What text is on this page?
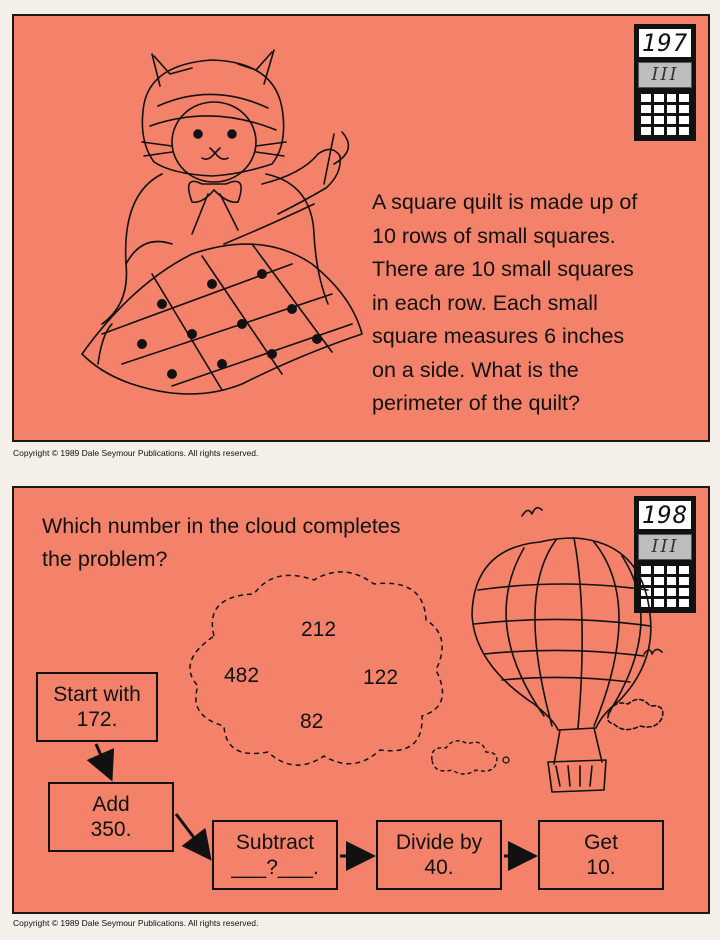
197
III
A square quilt is made up of
10 rows of small squares.
There are 10 small squares
in each row. Each small
square measures 6 inches
on a side. What is the
perimeter of the quilt?
Copyright © 1989 Dale Seymour Publications. All rights reserved.
Which number in the cloud completes
the problem?
198
III
212
482	122
82
Start with
172.
Add
350.
Subtract
___?___.
Divide by
40.
Get
10.
Copyright © 1989 Dale Seymour Publications. All rights reserved.
